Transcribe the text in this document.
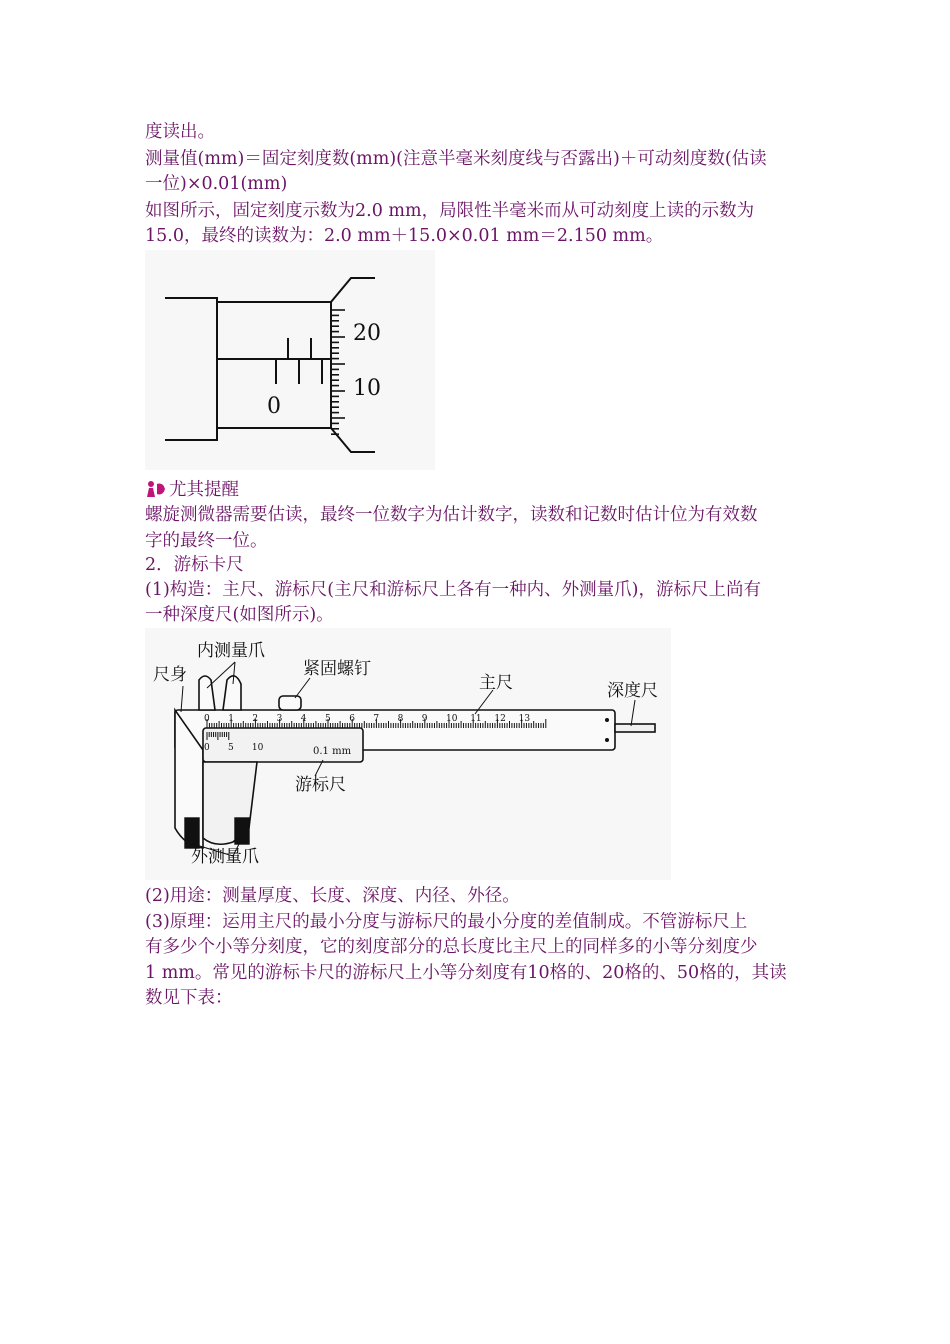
度读出。
测量值(mm)＝固定刻度数(mm)(注意半毫米刻度线与否露出)＋可动刻度数(估读
一位)×0.01(mm)
如图所示，固定刻度示数为2.0 mm，局限性半毫米而从可动刻度上读的示数为
15.0，最终的读数为：2.0 mm＋15.0×0.01 mm＝2.150 mm。
20
10
0
尤其提醒
螺旋测微器需要估读，最终一位数字为估计数字，读数和记数时估计位为有效数
字的最终一位。
2．游标卡尺
(1)构造：主尺、游标尺(主尺和游标尺上各有一种内、外测量爪)，游标尺上尚有
一种深度尺(如图所示)。
0 1 2 3 4 5 6 7 8 9 10 11 12 13
0 5 10	0.1 mm
尺身
内测量爪
紧固螺钉
主尺	深度尺
游标尺
外测量爪
(2)用途：测量厚度、长度、深度、内径、外径。
(3)原理：运用主尺的最小分度与游标尺的最小分度的差值制成。不管游标尺上
有多少个小等分刻度，它的刻度部分的总长度比主尺上的同样多的小等分刻度少
1 mm。常见的游标卡尺的游标尺上小等分刻度有10格的、20格的、50格的，其读
数见下表：
